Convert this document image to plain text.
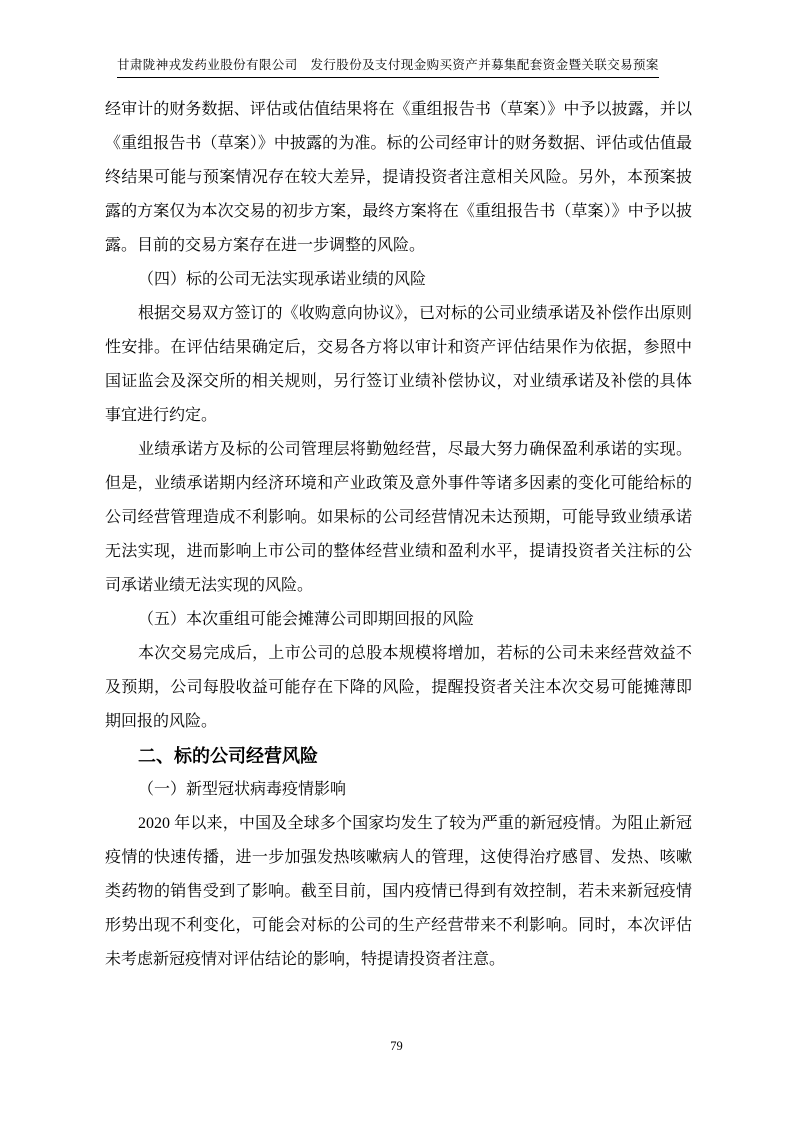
甘肃陇神戎发药业股份有限公司　发行股份及支付现金购买资产并募集配套资金暨关联交易预案

经审计的财务数据、评估或估值结果将在《重组报告书（草案）》中予以披露，并以《重组报告书（草案）》中披露的为准。标的公司经审计的财务数据、评估或估值最终结果可能与预案情况存在较大差异，提请投资者注意相关风险。另外，本预案披露的方案仅为本次交易的初步方案，最终方案将在《重组报告书（草案）》中予以披露。目前的交易方案存在进一步调整的风险。

（四）标的公司无法实现承诺业绩的风险

根据交易双方签订的《收购意向协议》，已对标的公司业绩承诺及补偿作出原则性安排。在评估结果确定后，交易各方将以审计和资产评估结果作为依据，参照中国证监会及深交所的相关规则，另行签订业绩补偿协议，对业绩承诺及补偿的具体事宜进行约定。

业绩承诺方及标的公司管理层将勤勉经营，尽最大努力确保盈利承诺的实现。但是，业绩承诺期内经济环境和产业政策及意外事件等诸多因素的变化可能给标的公司经营管理造成不利影响。如果标的公司经营情况未达预期，可能导致业绩承诺无法实现，进而影响上市公司的整体经营业绩和盈利水平，提请投资者关注标的公司承诺业绩无法实现的风险。

（五）本次重组可能会摊薄公司即期回报的风险

本次交易完成后，上市公司的总股本规模将增加，若标的公司未来经营效益不及预期，公司每股收益可能存在下降的风险，提醒投资者关注本次交易可能摊薄即期回报的风险。

二、标的公司经营风险

（一）新型冠状病毒疫情影响

2020 年以来，中国及全球多个国家均发生了较为严重的新冠疫情。为阻止新冠疫情的快速传播，进一步加强发热咳嗽病人的管理，这使得治疗感冒、发热、咳嗽类药物的销售受到了影响。截至目前，国内疫情已得到有效控制，若未来新冠疫情形势出现不利变化，可能会对标的公司的生产经营带来不利影响。同时，本次评估未考虑新冠疫情对评估结论的影响，特提请投资者注意。

79
